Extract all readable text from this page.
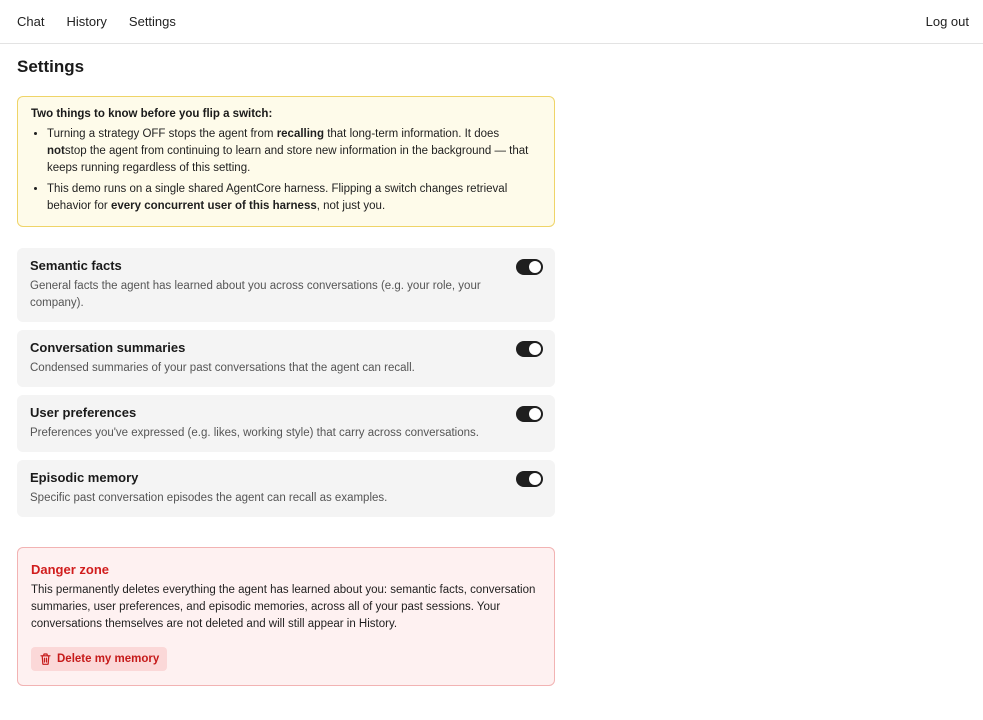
Chat History Settings	Log out
Settings
Two things to know before you flip a switch:
• Turning a strategy OFF stops the agent from recalling that long-term information. It does notstop the agent from continuing to learn and store new information in the background — that keeps running regardless of this setting.
• This demo runs on a single shared AgentCore harness. Flipping a switch changes retrieval behavior for every concurrent user of this harness, not just you.
Semantic facts
General facts the agent has learned about you across conversations (e.g. your role, your company).
Conversation summaries
Condensed summaries of your past conversations that the agent can recall.
User preferences
Preferences you've expressed (e.g. likes, working style) that carry across conversations.
Episodic memory
Specific past conversation episodes the agent can recall as examples.
Danger zone
This permanently deletes everything the agent has learned about you: semantic facts, conversation summaries, user preferences, and episodic memories, across all of your past sessions. Your conversations themselves are not deleted and will still appear in History.
Delete my memory
